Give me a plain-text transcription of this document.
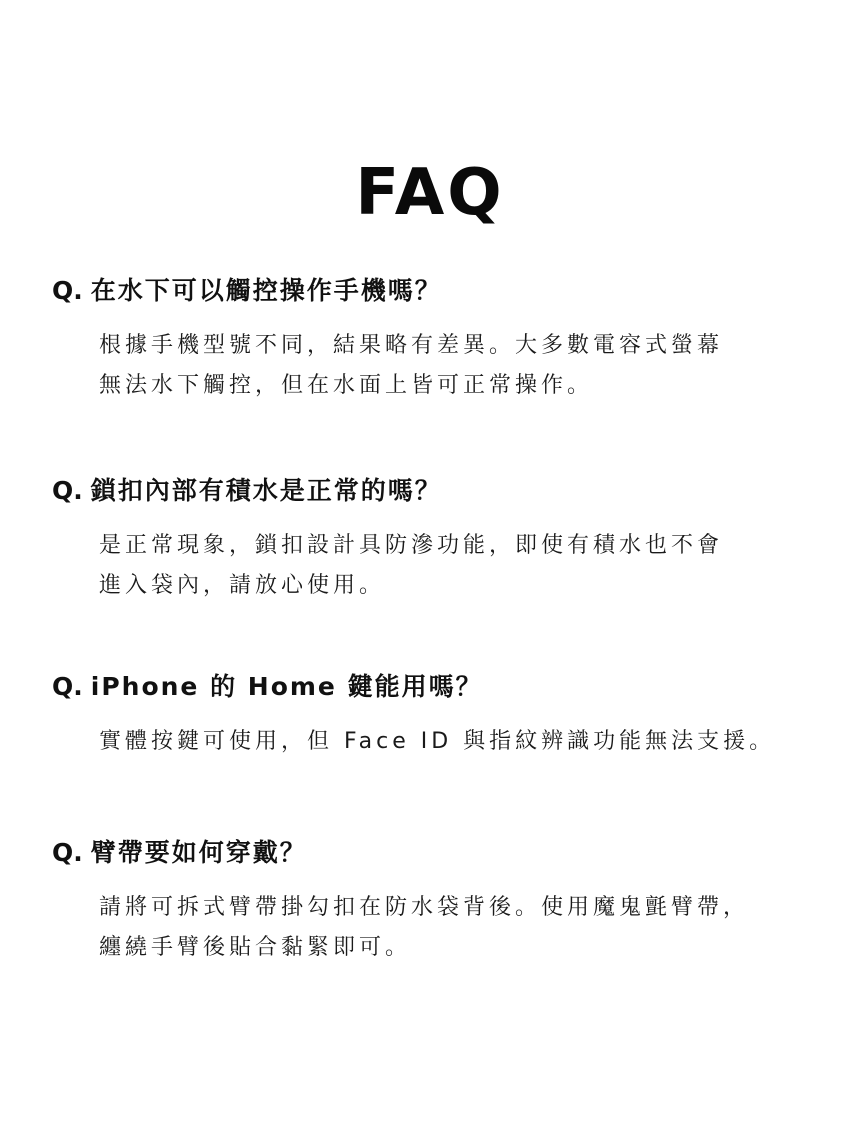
FAQ
Q. 在水下可以觸控操作手機嗎？

根據手機型號不同，結果略有差異。大多數電容式螢幕
無法水下觸控，但在水面上皆可正常操作。

Q. 鎖扣內部有積水是正常的嗎？

是正常現象，鎖扣設計具防滲功能，即使有積水也不會
進入袋內，請放心使用。

Q. iPhone 的 Home 鍵能用嗎？

實體按鍵可使用，但 Face ID 與指紋辨識功能無法支援。

Q. 臂帶要如何穿戴？

請將可拆式臂帶掛勾扣在防水袋背後。使用魔鬼氈臂帶，
纏繞手臂後貼合黏緊即可。
